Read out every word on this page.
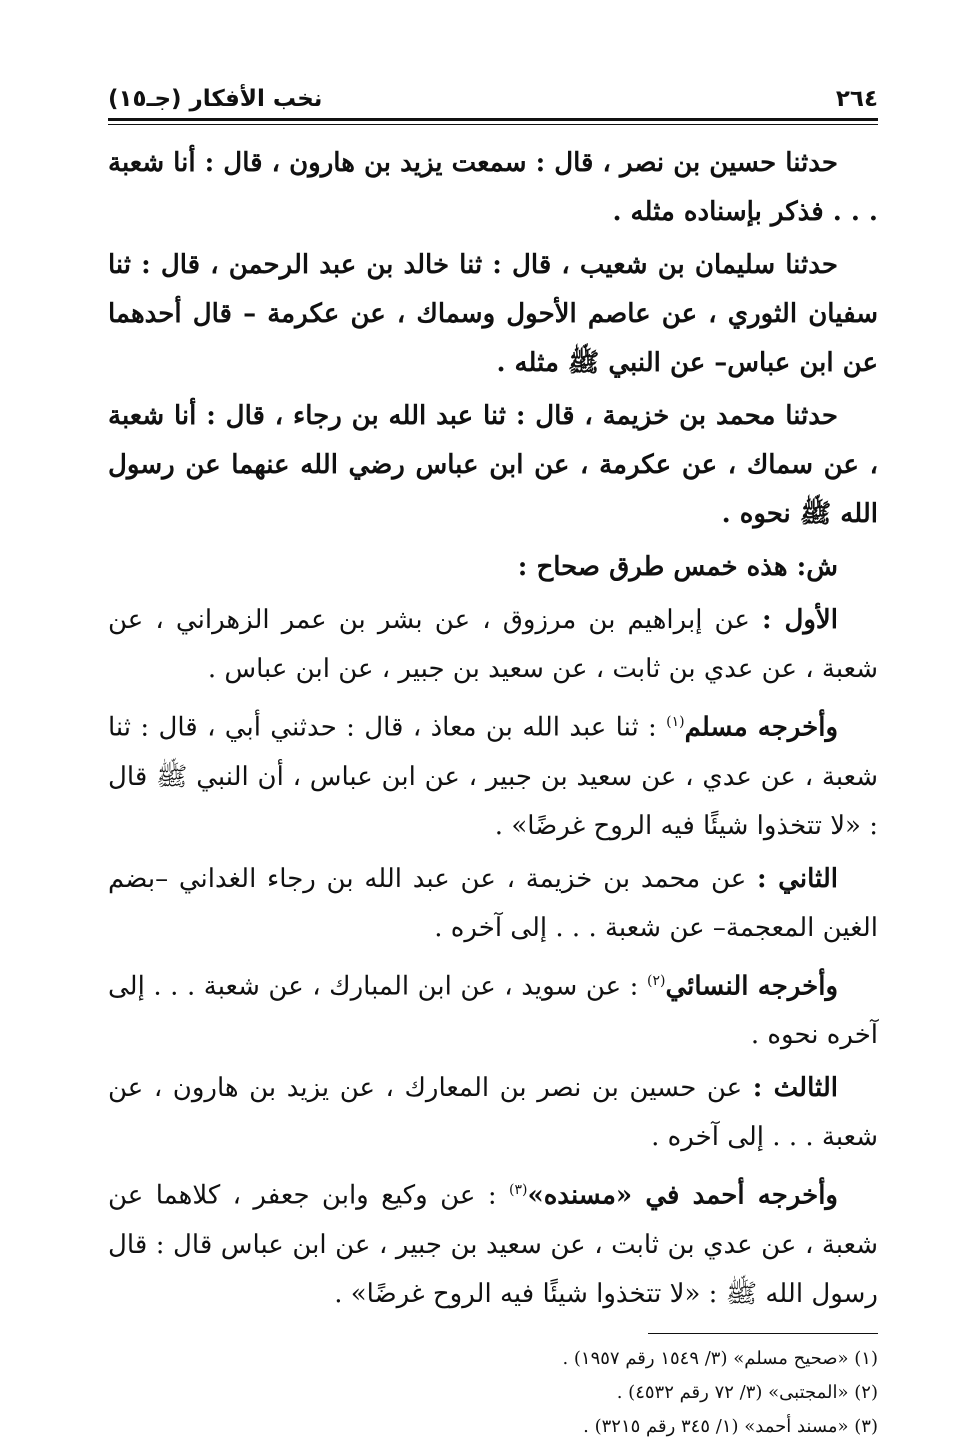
٢٦٤
نخب الأفكار (جـ١٥)

حدثنا حسين بن نصر ، قال : سمعت يزيد بن هارون ، قال : أنا شعبة . . . فذكر بإسناده مثله .

حدثنا سليمان بن شعيب ، قال : ثنا خالد بن عبد الرحمن ، قال : ثنا سفيان الثوري ، عن عاصم الأحول وسماك ، عن عكرمة – قال أحدهما عن ابن عباس– عن النبي ﷺ مثله .

حدثنا محمد بن خزيمة ، قال : ثنا عبد الله بن رجاء ، قال : أنا شعبة ، عن سماك ، عن عكرمة ، عن ابن عباس رضي الله عنهما عن رسول الله ﷺ نحوه .

ش: هذه خمس طرق صحاح :

الأول : عن إبراهيم بن مرزوق ، عن بشر بن عمر الزهراني ، عن شعبة ، عن عدي بن ثابت ، عن سعيد بن جبير ، عن ابن عباس .

وأخرجه مسلم$^{(١)}$ : ثنا عبد الله بن معاذ ، قال : حدثني أبي ، قال : ثنا شعبة ، عن عدي ، عن سعيد بن جبير ، عن ابن عباس ، أن النبي ﷺ قال : «لا تتخذوا شيئًا فيه الروح غرضًا» .

الثاني : عن محمد بن خزيمة ، عن عبد الله بن رجاء الغداني –بضم الغين المعجمة– عن شعبة . . . إلى آخره .

وأخرجه النسائي$^{(٢)}$ : عن سويد ، عن ابن المبارك ، عن شعبة . . . إلى آخره نحوه .

الثالث : عن حسين بن نصر بن المعارك ، عن يزيد بن هارون ، عن شعبة . . . إلى آخره .

وأخرجه أحمد في «مسنده»$^{(٣)}$ : عن وكيع وابن جعفر ، كلاهما عن شعبة ، عن عدي بن ثابت ، عن سعيد بن جبير ، عن ابن عباس قال : قال رسول الله ﷺ : «لا تتخذوا شيئًا فيه الروح غرضًا» .

(١) «صحيح مسلم» (٣/ ١٥٤٩ رقم ١٩٥٧) .
(٢) «المجتبى» (٣/ ٧٢ رقم ٤٥٣٢) .
(٣) «مسند أحمد» (١/ ٣٤٥ رقم ٣٢١٥) .
